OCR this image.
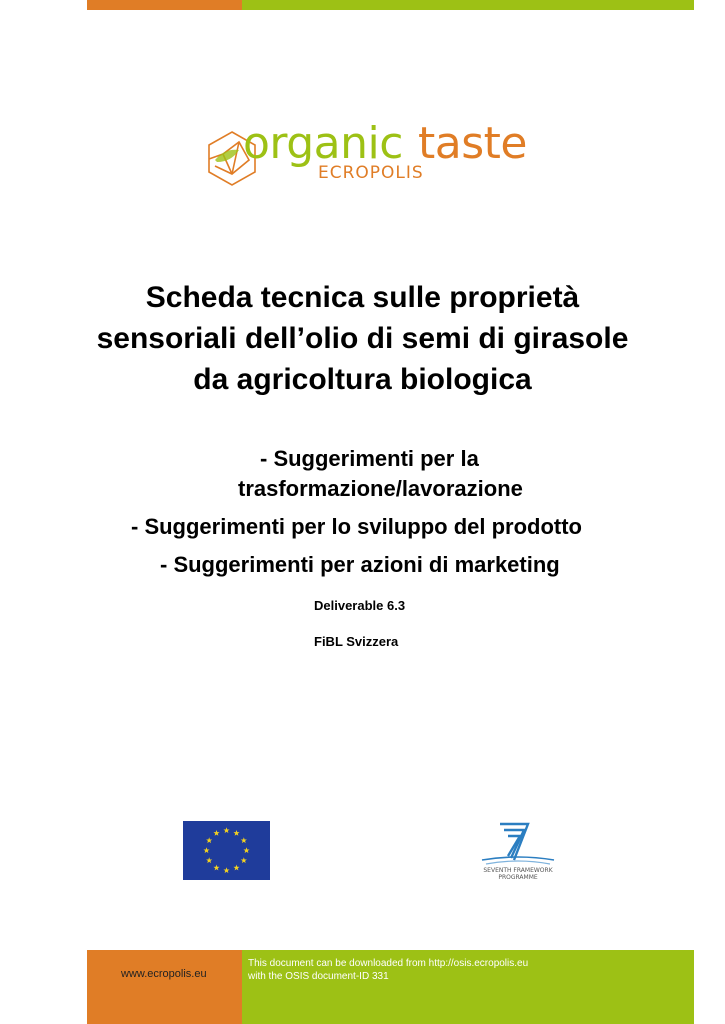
organic taste
ECROPOLIS
Scheda tecnica sulle proprietà
sensoriali dell’olio di semi di girasole
da agricoltura biologica
- Suggerimenti per la
trasformazione/lavorazione
- Suggerimenti per lo sviluppo del prodotto
- Suggerimenti per azioni di marketing
Deliverable 6.3
FiBL Svizzera
SEVENTH FRAMEWORK
PROGRAMME
www.ecropolis.eu
This document can be downloaded from http://osis.ecropolis.eu
with the OSIS document-ID 331
